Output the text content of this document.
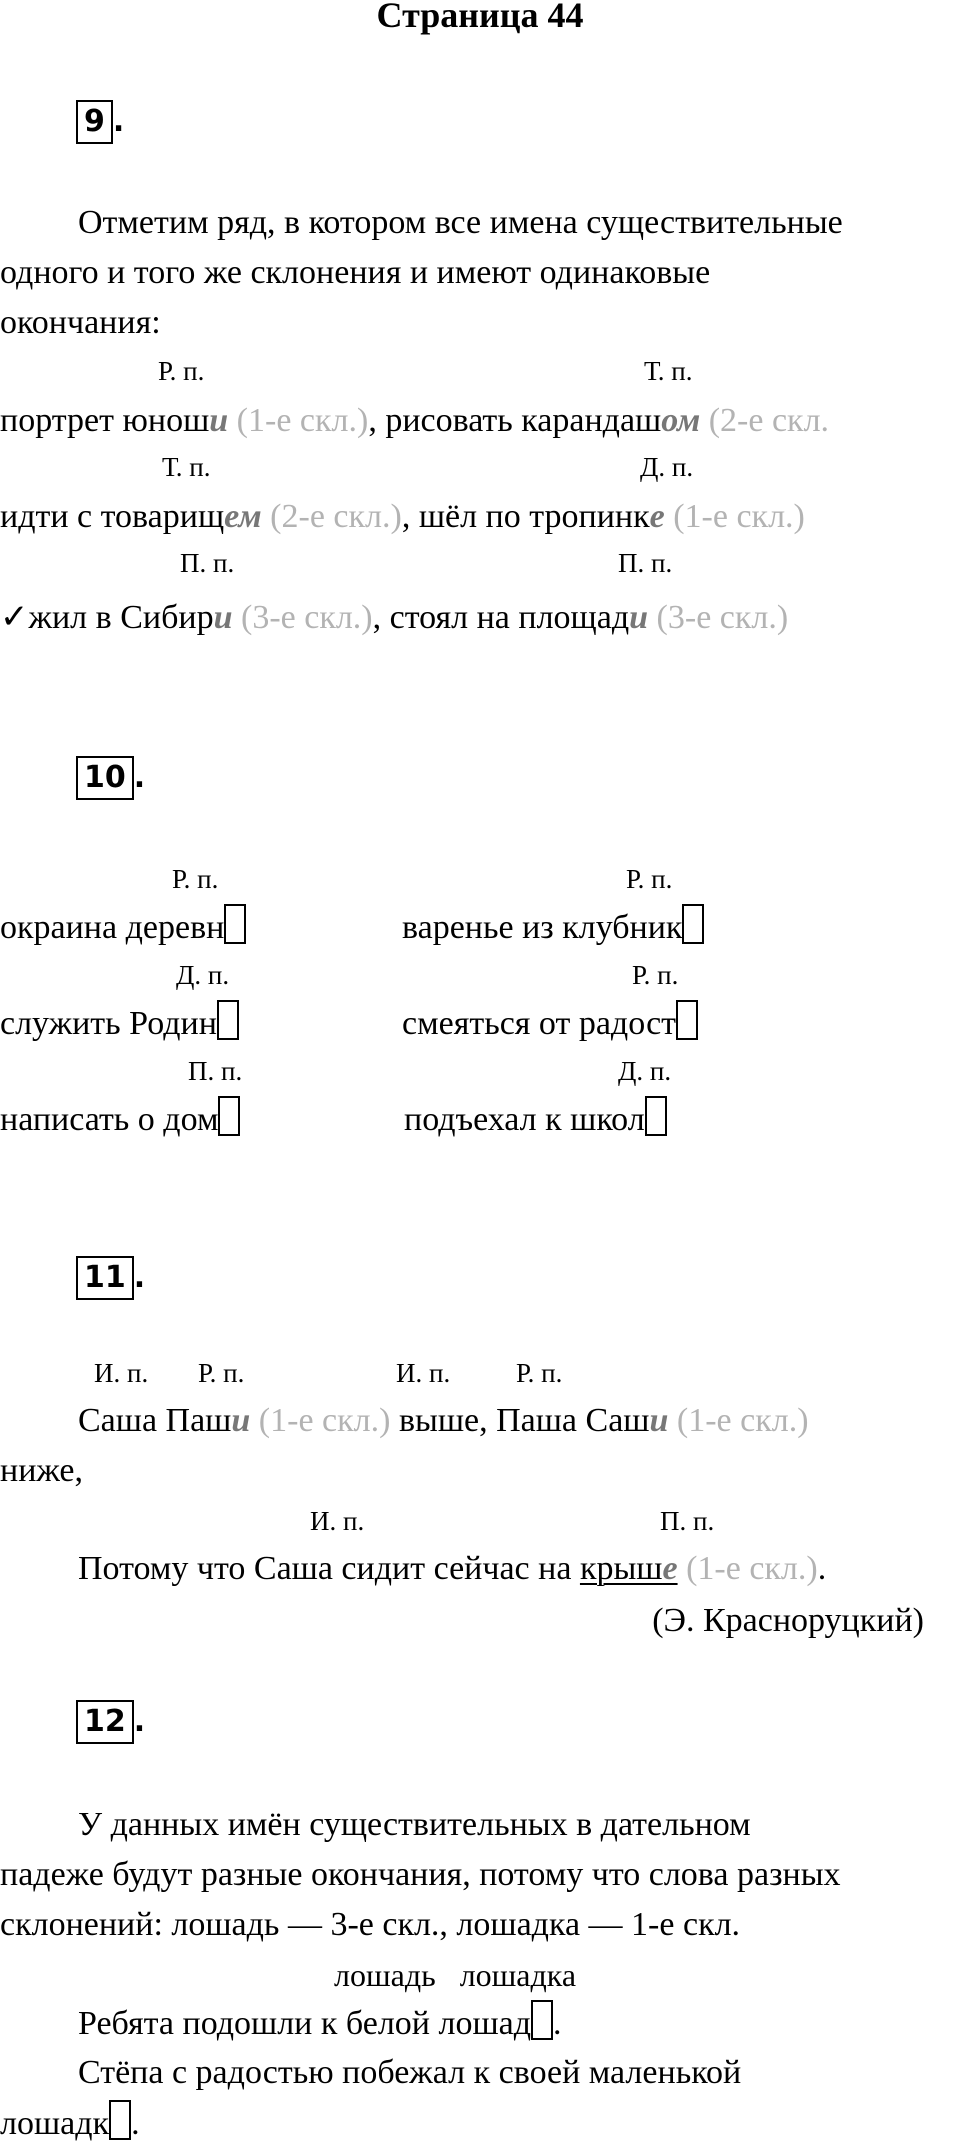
Страница 44
9 .
Отметим ряд, в котором все имена существительные
одного и того же склонения и имеют одинаковые
окончания:
Р. п.	Т. п.
портрет юноши (1-е скл.), рисовать карандашом (2-е скл.
Т. п.	Д. п.
идти с товарищем (2-е скл.), шёл по тропинке (1-е скл.)
П. п.	П. п.
✓жил в Сибири (3-е скл.), стоял на площади (3-е скл.)
10 .
Р. п.	Р. п.
окраина деревн	варенье из клубник
Д. п.	Р. п.
служить Родин	смеяться от радост
П. п.	Д. п.
написать о дом	подъехал к школ
11 .
И. п. Р. п.	И. п. Р. п.
Саша Паши (1-е скл.) выше, Паша Саши (1-е скл.)
ниже,
И. п.	П. п.
Потому что Саша сидит сейчас на крыше (1-е скл.).
(Э. Красноруцкий)
12 .
У данных имён существительных в дательном
падеже будут разные окончания, потому что слова разных
склонений: лошадь — 3-е скл., лошадка — 1-е скл.
лошадь   лошадка
Ребята подошли к белой лошад .
Стёпа с радостью побежал к своей маленькой
лошадк .
